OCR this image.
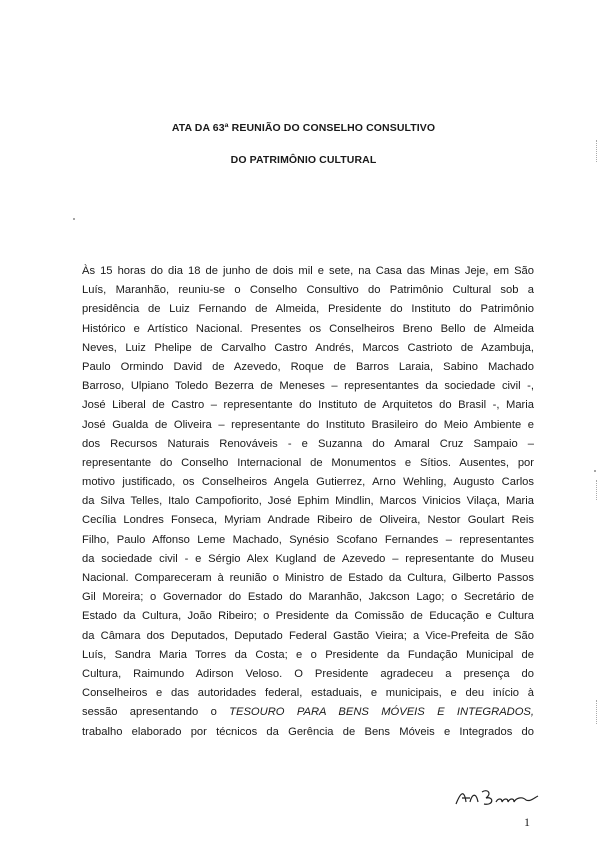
ATA DA 63ª REUNIÃO DO CONSELHO CONSULTIVO
DO PATRIMÔNIO CULTURAL
Às 15 horas do dia 18 de junho de dois mil e sete, na Casa das Minas Jeje, em São
Luís, Maranhão, reuniu-se o Conselho Consultivo do Patrimônio Cultural sob a
presidência de Luiz Fernando de Almeida, Presidente do Instituto do Patrimônio
Histórico e Artístico Nacional. Presentes os Conselheiros Breno Bello de Almeida
Neves, Luiz Phelipe de Carvalho Castro Andrés, Marcos Castrioto de Azambuja,
Paulo Ormindo David de Azevedo, Roque de Barros Laraia, Sabino Machado
Barroso, Ulpiano Toledo Bezerra de Meneses – representantes da sociedade civil -,
José Liberal de Castro – representante do Instituto de Arquitetos do Brasil -, Maria
José Gualda de Oliveira – representante do Instituto Brasileiro do Meio Ambiente e
dos Recursos Naturais Renováveis - e Suzanna do Amaral Cruz Sampaio –
representante do Conselho Internacional de Monumentos e Sítios. Ausentes, por
motivo justificado, os Conselheiros Angela Gutierrez, Arno Wehling, Augusto Carlos
da Silva Telles, Italo Campofiorito, José Ephim Mindlin, Marcos Vinicios Vilaça, Maria
Cecília Londres Fonseca, Myriam Andrade Ribeiro de Oliveira, Nestor Goulart Reis
Filho, Paulo Affonso Leme Machado, Synésio Scofano Fernandes – representantes
da sociedade civil - e Sérgio Alex Kugland de Azevedo – representante do Museu
Nacional. Compareceram à reunião o Ministro de Estado da Cultura, Gilberto Passos
Gil Moreira; o Governador do Estado do Maranhão, Jakcson Lago; o Secretário de
Estado da Cultura, João Ribeiro; o Presidente da Comissão de Educação e Cultura
da Câmara dos Deputados, Deputado Federal Gastão Vieira; a Vice-Prefeita de São
Luís, Sandra Maria Torres da Costa; e o Presidente da Fundação Municipal de
Cultura, Raimundo Adirson Veloso. O Presidente agradeceu a presença do
Conselheiros e das autoridades federal, estaduais, e municipais, e deu início à
sessão apresentando o TESOURO PARA BENS MÓVEIS E INTEGRADOS,
trabalho elaborado por técnicos da Gerência de Bens Móveis e Integrados do
1
